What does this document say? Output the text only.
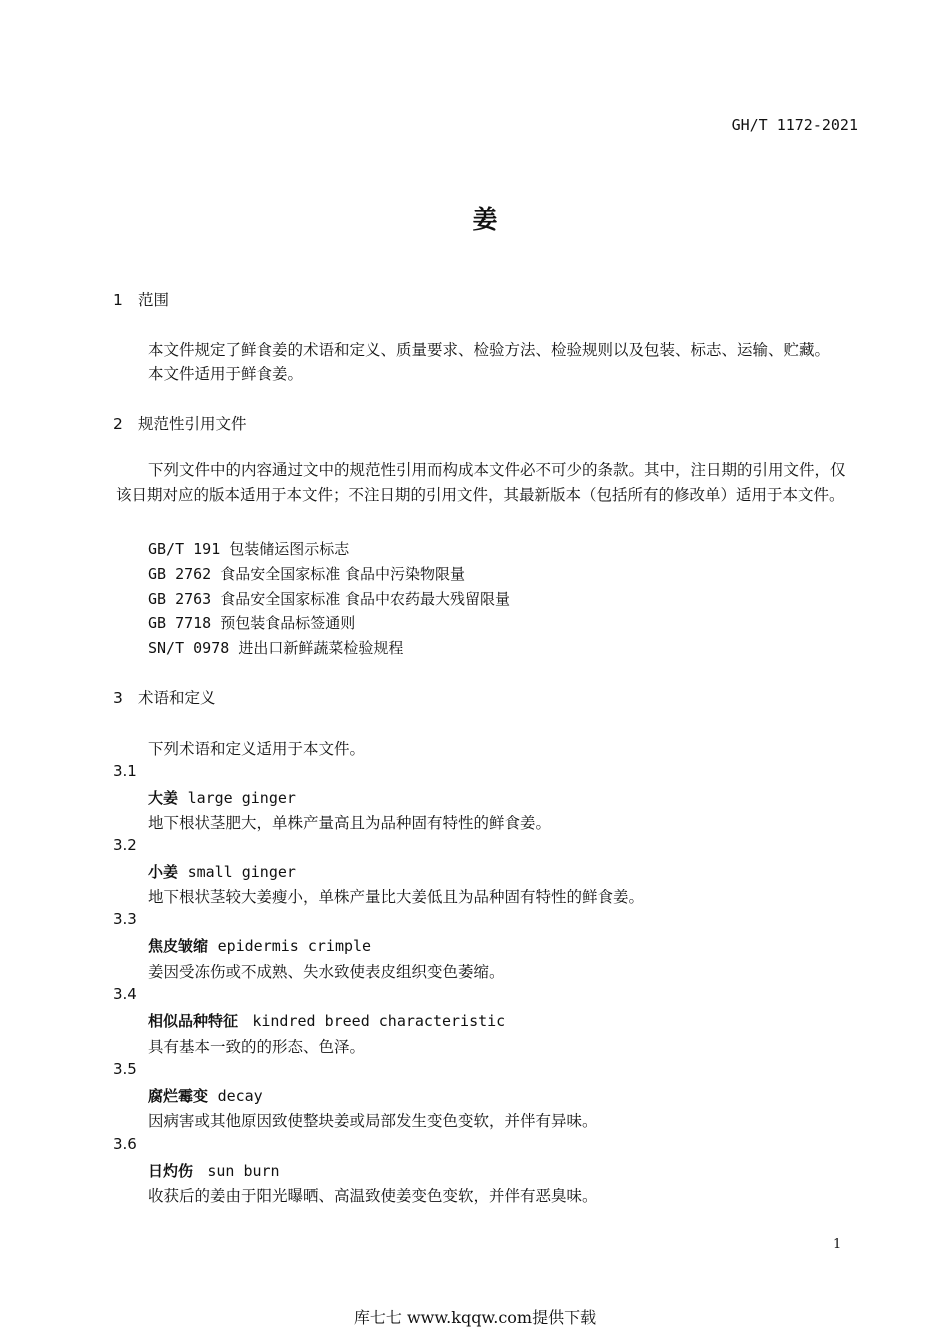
GH/T 1172-2021
姜
1 范围
本文件规定了鲜食姜的术语和定义、质量要求、检验方法、检验规则以及包装、标志、运输、贮藏。
本文件适用于鲜食姜。
2 规范性引用文件
下列文件中的内容通过文中的规范性引用而构成本文件必不可少的条款。其中，注日期的引用文件，仅该日期对应的版本适用于本文件；不注日期的引用文件，其最新版本（包括所有的修改单）适用于本文件。
GB/T 191 包装储运图示标志
GB 2762 食品安全国家标准 食品中污染物限量
GB 2763 食品安全国家标准 食品中农药最大残留限量
GB 7718 预包装食品标签通则
SN/T 0978 进出口新鲜蔬菜检验规程
3 术语和定义
下列术语和定义适用于本文件。
3.1
大姜 large ginger
地下根状茎肥大，单株产量高且为品种固有特性的鲜食姜。
3.2
小姜 small ginger
地下根状茎较大姜瘦小，单株产量比大姜低且为品种固有特性的鲜食姜。
3.3
焦皮皱缩 epidermis crimple
姜因受冻伤或不成熟、失水致使表皮组织变色萎缩。
3.4
相似品种特征 kindred breed characteristic
具有基本一致的的形态、色泽。
3.5
腐烂霉变 decay
因病害或其他原因致使整块姜或局部发生变色变软，并伴有异味。
3.6
日灼伤 sun burn
收获后的姜由于阳光曝晒、高温致使姜变色变软，并伴有恶臭味。
1
库七七 www.kqqw.com提供下载
